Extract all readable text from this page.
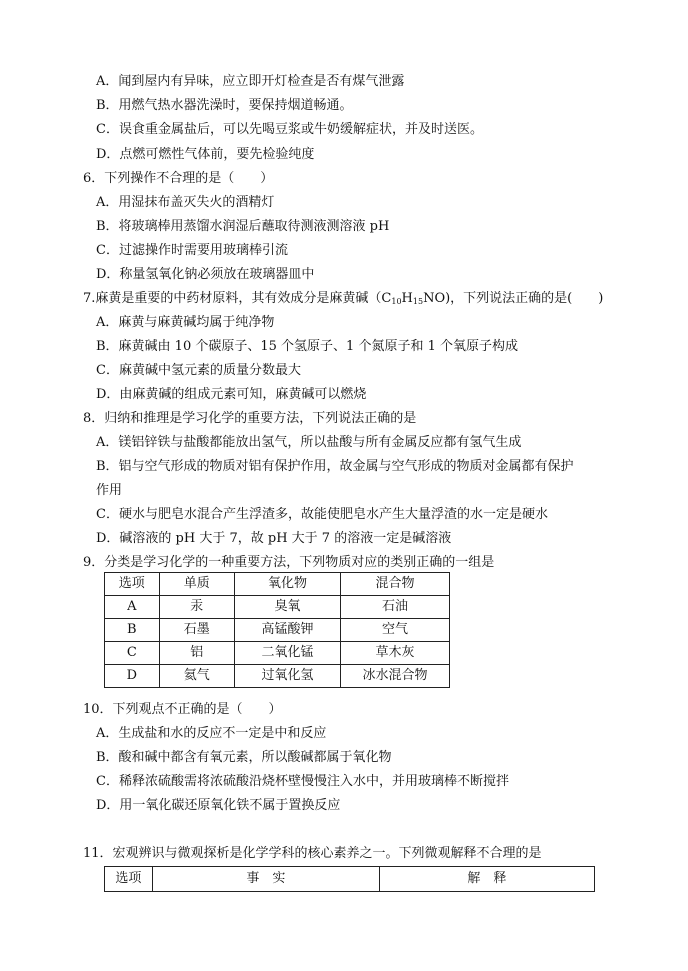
A．闻到屋内有异味，应立即开灯检查是否有煤气泄露
B．用燃气热水器洗澡时，要保持烟道畅通。
C．误食重金属盐后，可以先喝豆浆或牛奶缓解症状，并及时送医。
D．点燃可燃性气体前，要先检验纯度
6．下列操作不合理的是（　　）
A．用湿抹布盖灭失火的酒精灯
B．将玻璃棒用蒸馏水润湿后蘸取待测液测溶液 pH
C．过滤操作时需要用玻璃棒引流
D．称量氢氧化钠必须放在玻璃器皿中
7.麻黄是重要的中药材原料，其有效成分是麻黄碱$(C_{10}H_{15}NO)$，下列说法正确的是(　　)
A．麻黄与麻黄碱均属于纯净物
B．麻黄碱由 10 个碳原子、15 个氢原子、1 个氮原子和 1 个氧原子构成
C．麻黄碱中氢元素的质量分数最大
D．由麻黄碱的组成元素可知，麻黄碱可以燃烧
8．归纳和推理是学习化学的重要方法，下列说法正确的是
A．镁铝锌铁与盐酸都能放出氢气，所以盐酸与所有金属反应都有氢气生成
B．铝与空气形成的物质对铝有保护作用，故金属与空气形成的物质对金属都有保护
作用
C．硬水与肥皂水混合产生浮渣多，故能使肥皂水产生大量浮渣的水一定是硬水
D．碱溶液的 pH 大于 7，故 pH 大于 7 的溶液一定是碱溶液
9．分类是学习化学的一种重要方法，下列物质对应的类别正确的一组是
选项	单质	氧化物	混合物
A	汞	臭氧	石油
B	石墨	高锰酸钾	空气
C	铝	二氧化锰	草木灰
D	氦气	过氧化氢	冰水混合物
10．下列观点不正确的是（　　）
A．生成盐和水的反应不一定是中和反应
B．酸和碱中都含有氧元素，所以酸碱都属于氧化物
C．稀释浓硫酸需将浓硫酸沿烧杯壁慢慢注入水中，并用玻璃棒不断搅拌
D．用一氧化碳还原氧化铁不属于置换反应
11．宏观辨识与微观探析是化学学科的核心素养之一。下列微观解释不合理的是
选项	事　实	解　释
